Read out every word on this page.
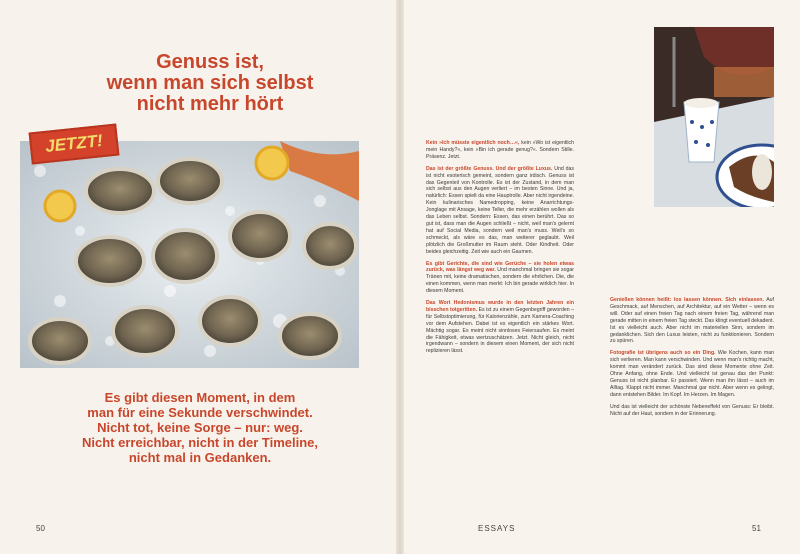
Genuss ist,
wenn man sich selbst
nicht mehr hört
JETZT!
Es gibt diesen Moment, in dem
man für eine Sekunde verschwindet.
Nicht tot, keine Sorge – nur: weg.
Nicht erreichbar, nicht in der Timeline,
nicht mal in Gedanken.

Kein »Ich müsste eigentlich noch…«, kein »Wo ist eigentlich mein Handy?«, kein »Bin ich gerade genug?«. Sondern Stille. Präsenz. Jetzt.

Das ist der größte Genuss. Und der größte Luxus. Und das ist nicht esoterisch gemeint, sondern ganz irdisch. Genuss ist das Gegenteil von Kontrolle. Es ist der Zustand, in dem man sich selbst aus den Augen verliert – im besten Sinne. Und ja, natürlich: Essen spielt da eine Hauptrolle. Aber nicht irgendeine. Kein kulinarisches Namedropping, keine Anarrichtungs-Jonglage mit Ansage, keine Teller, die mehr erzählen wollen als das Leben selbst. Sondern: Essen, das einen berührt. Das so gut ist, dass man die Augen schließt – nicht, weil man's gelernt hat auf Social Media, sondern weil man's muss. Weil's so schmeckt, als wäre es das, man weiterer geglaubt. Weil plötzlich die Großmutter im Raum steht. Oder Kindheit. Oder beides gleichzeitig. Zeit wie auch ein Gaumen.

Es gibt Gerichte, die sind wie Gerüche – sie holen etwas zurück, was längst weg war. Und manchmal bringen sie sogar Tränen mit, keine dramatischen, sondern die ehrlichen. Die, die einen kommen, wenn man merkt: Ich bin gerade wirklich hier. In diesem Moment.

Das Wort Hedonismus wurde in den letzten Jahren ein bisschen totgeritten. Es ist zu einem Gegenbegriff geworden – für Selbstoptimierung, für Kalorienzähle, zum Kamera-Coaching vor dem Aufstehen. Dabei ist es eigentlich ein stärkes Wort. Mächtig sogar. Es meint nicht sinnloses Feiersaufen. Es meint die Fähigkeit, etwas wertzuschätzen. Jetzt. Nicht gleich, nicht irgendwann – sondern in diesem einen Moment, der sich nicht replizieren lässt.

Genießen können heißt: los lassen können. Sich einlassen. Auf Geschmack, auf Menschen, auf Architektur, auf ein Wetter – wenn es will. Oder auf einen freien Tag nach einem freien Tag, während man gerade mitten in einem freien Tag steckt. Das klingt eventuell dekadent. Ist es vielleicht auch. Aber nicht im materiellen Sinn, sondern im gedanklichen. Sich den Luxus leisten, nicht zu funktionieren. Sondern zu spüren.

Fotografie ist übrigens auch so ein Ding. Wie Kochen, kann man sich verlieren. Man kann verschwinden. Und wenn man's richtig macht, kommt man verändert zurück. Das sind diese Momente ohne Zeit. Ohne Anfang, ohne Ende. Und vielleicht ist genau das der Punkt: Genuss ist nicht planbar. Er passiert. Wenn man ihn lässt – auch im Alltag. Klappt nicht immer. Manchmal gar nicht. Aber wenn es gelingt, dann entstehen Bilder. Im Kopf. Im Herzen. Im Magen.

Und das ist vielleicht der schönste Nebeneffekt von Genuss: Er bleibt. Nicht auf der Haut, sondern in der Erinnerung.

50	ESSAYS	51
